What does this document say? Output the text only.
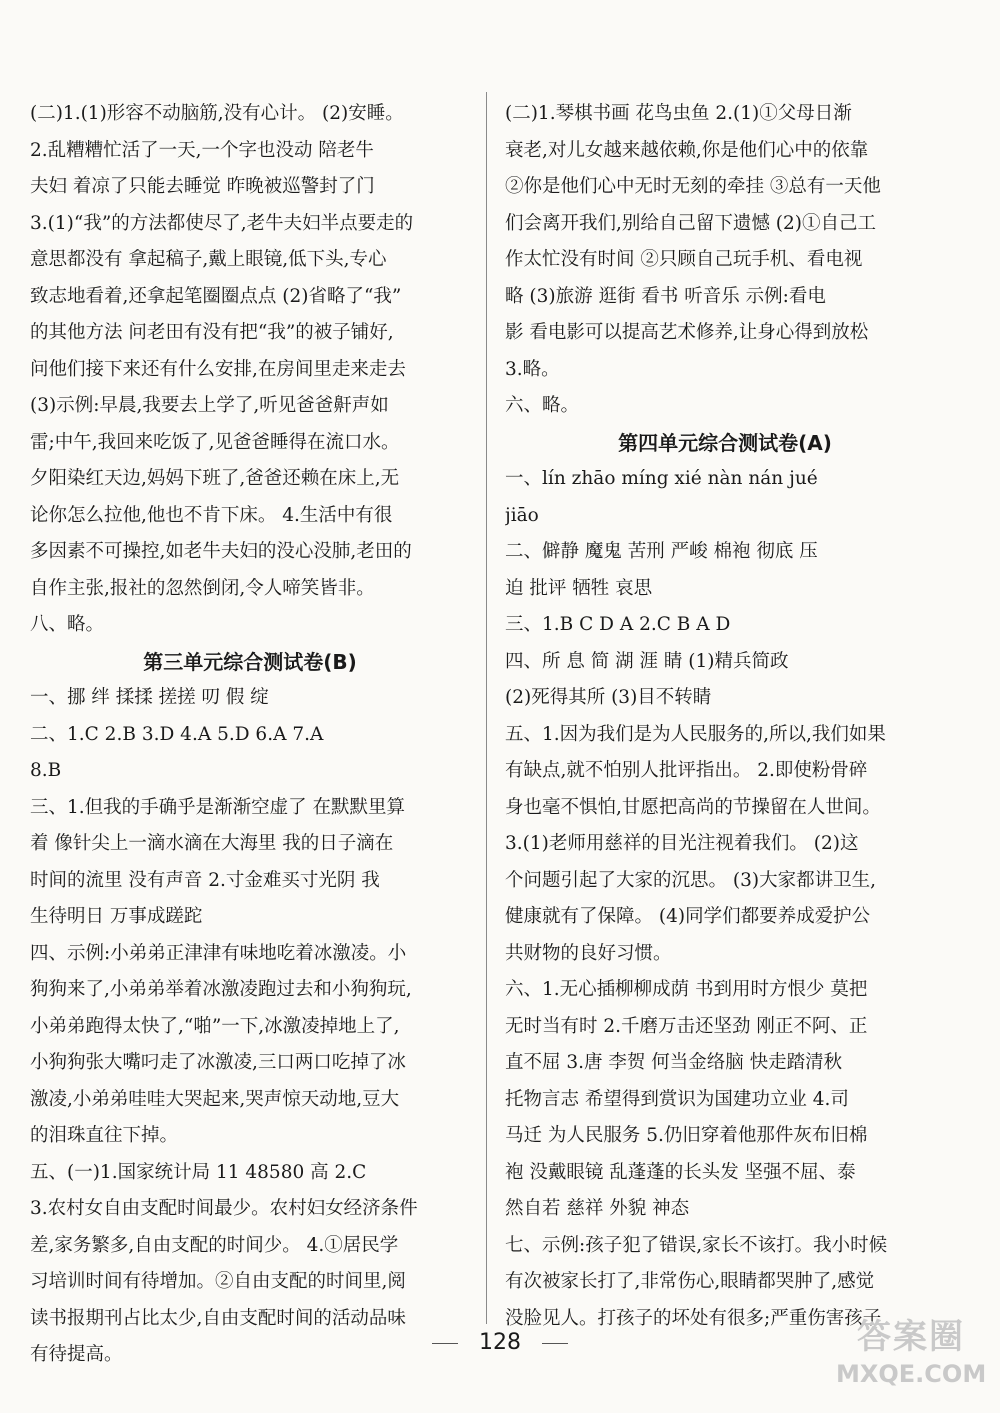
(二)1.(1)形容不动脑筋,没有心计。 (2)安睡。
2.乱糟糟忙活了一天,一个字也没动 陪老牛
夫妇 着凉了只能去睡觉 昨晚被巡警封了门
3.(1)“我”的方法都使尽了,老牛夫妇半点要走的
意思都没有 拿起稿子,戴上眼镜,低下头,专心
致志地看着,还拿起笔圈圈点点 (2)省略了“我”
的其他方法 问老田有没有把“我”的被子铺好,
问他们接下来还有什么安排,在房间里走来走去
(3)示例:早晨,我要去上学了,听见爸爸鼾声如
雷;中午,我回来吃饭了,见爸爸睡得在流口水。
夕阳染红天边,妈妈下班了,爸爸还赖在床上,无
论你怎么拉他,他也不肯下床。 4.生活中有很
多因素不可操控,如老牛夫妇的没心没肺,老田的
自作主张,报社的忽然倒闭,令人啼笑皆非。
八、略。
第三单元综合测试卷(B)
一、挪 绊 揉揉 搓搓 叨 假 绽
二、1.C 2.B 3.D 4.A 5.D 6.A 7.A
8.B
三、1.但我的手确乎是渐渐空虚了 在默默里算
着 像针尖上一滴水滴在大海里 我的日子滴在
时间的流里 没有声音 2.寸金难买寸光阴 我
生待明日 万事成蹉跎
四、示例:小弟弟正津津有味地吃着冰激凌。小
狗狗来了,小弟弟举着冰激凌跑过去和小狗狗玩,
小弟弟跑得太快了,“啪”一下,冰激凌掉地上了,
小狗狗张大嘴叼走了冰激凌,三口两口吃掉了冰
激凌,小弟弟哇哇大哭起来,哭声惊天动地,豆大
的泪珠直往下掉。
五、(一)1.国家统计局 11 48580 高 2.C
3.农村女自由支配时间最少。农村妇女经济条件
差,家务繁多,自由支配的时间少。 4.①居民学
习培训时间有待增加。②自由支配的时间里,阅
读书报期刊占比太少,自由支配时间的活动品味
有待提高。
(二)1.琴棋书画 花鸟虫鱼 2.(1)①父母日渐
衰老,对儿女越来越依赖,你是他们心中的依靠
②你是他们心中无时无刻的牵挂 ③总有一天他
们会离开我们,别给自己留下遗憾 (2)①自己工
作太忙没有时间 ②只顾自己玩手机、看电视
略 (3)旅游 逛街 看书 听音乐 示例:看电
影 看电影可以提高艺术修养,让身心得到放松
3.略。
六、略。
第四单元综合测试卷(A)
一、lín zhāo míng xié nàn nán jué
jiāo
二、僻静 魔鬼 苦刑 严峻 棉袍 彻底 压
迫 批评 牺牲 哀思
三、1.B C D A 2.C B A D
四、所 息 简 湖 涯 睛 (1)精兵简政
(2)死得其所 (3)目不转睛
五、1.因为我们是为人民服务的,所以,我们如果
有缺点,就不怕别人批评指出。 2.即使粉骨碎
身也毫不惧怕,甘愿把高尚的节操留在人世间。
3.(1)老师用慈祥的目光注视着我们。 (2)这
个问题引起了大家的沉思。 (3)大家都讲卫生,
健康就有了保障。 (4)同学们都要养成爱护公
共财物的良好习惯。
六、1.无心插柳柳成荫 书到用时方恨少 莫把
无时当有时 2.千磨万击还坚劲 刚正不阿、正
直不屈 3.唐 李贺 何当金络脑 快走踏清秋
托物言志 希望得到赏识为国建功立业 4.司
马迁 为人民服务 5.仍旧穿着他那件灰布旧棉
袍 没戴眼镜 乱蓬蓬的长头发 坚强不屈、泰
然自若 慈祥 外貌 神态
七、示例:孩子犯了错误,家长不该打。我小时候
有次被家长打了,非常伤心,眼睛都哭肿了,感觉
没脸见人。打孩子的坏处有很多;严重伤害孩子
128	答案圈
MXQE.COM
